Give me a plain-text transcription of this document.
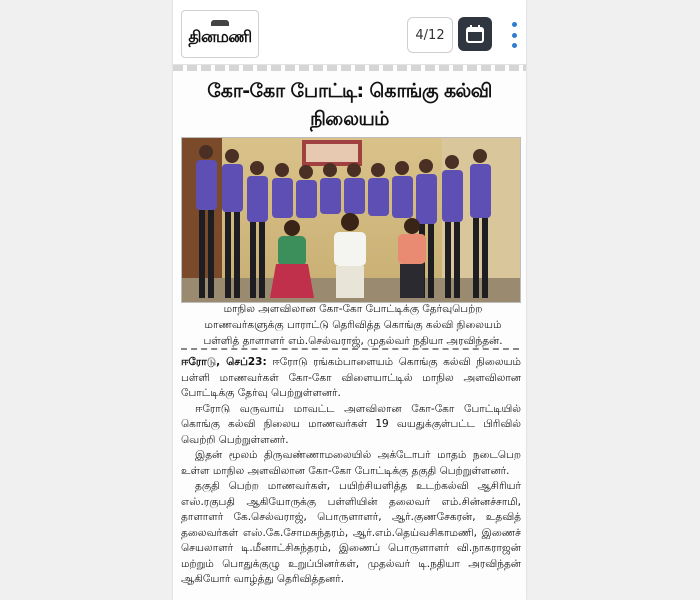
தினமணி	4/12
கோ-கோ போட்டி: கொங்கு கல்வி நிலையம்
மாநில அளவிலான கோ-கோ போட்டிக்கு தேர்வுபெற்ற
மாணவர்களுக்கு பாராட்டு தெரிவித்த கொங்கு கல்வி நிலையம்
பள்ளித் தாளாளர் எம்.செல்வராஜ், முதல்வர் நதியா அரவிந்தன்.

ஈரோடு, செப்23: ஈரோடு ரங்கம்பாளையம் கொங்கு கல்வி நிலையம் பள்ளி மாணவர்கள் கோ-கோ விளையாட்டில் மாநில அளவிலான போட்டிக்கு தேர்வு பெற்றுள்ளனர்.

ஈரோடு வருவாய் மாவட்ட அளவிலான கோ-கோ போட்டியில் கொங்கு கல்வி நிலைய மாணவர்கள் 19 வயதுக்குள்பட்ட பிரிவில் வெற்றி பெற்றுள்ளனர்.

இதன் மூலம் திருவண்ணாமலையில் அக்டோபர் மாதம் நடைபெற உள்ள மாநில அளவிலான கோ-கோ போட்டிக்கு தகுதி பெற்றுள்ளனர்.

தகுதி பெற்ற மாணவர்கள், பயிற்சியளித்த உடற்கல்வி ஆசிரியர் எஸ்.ரகுபதி ஆகியோருக்கு பள்ளியின் தலைவர் எம்.சின்னச்சாமி, தாளாளர் கே.செல்வராஜ், பொருளாளர், ஆர்.குணசேகரன், உதவித் தலைவர்கள் எஸ்.கே.சோமசுந்தரம், ஆர்.எம்.தெய்வசிகாமணி, இணைச் செயலாளர் டி.மீனாட்சிசுந்தரம், இணைப் பொருளாளர் வி.நாகராஜன் மற்றும் பொதுக்குழு உறுப்பினர்கள், முதல்வர் டி.நதியா அரவிந்தன் ஆகியோர் வாழ்த்து தெரிவித்தனர்.
